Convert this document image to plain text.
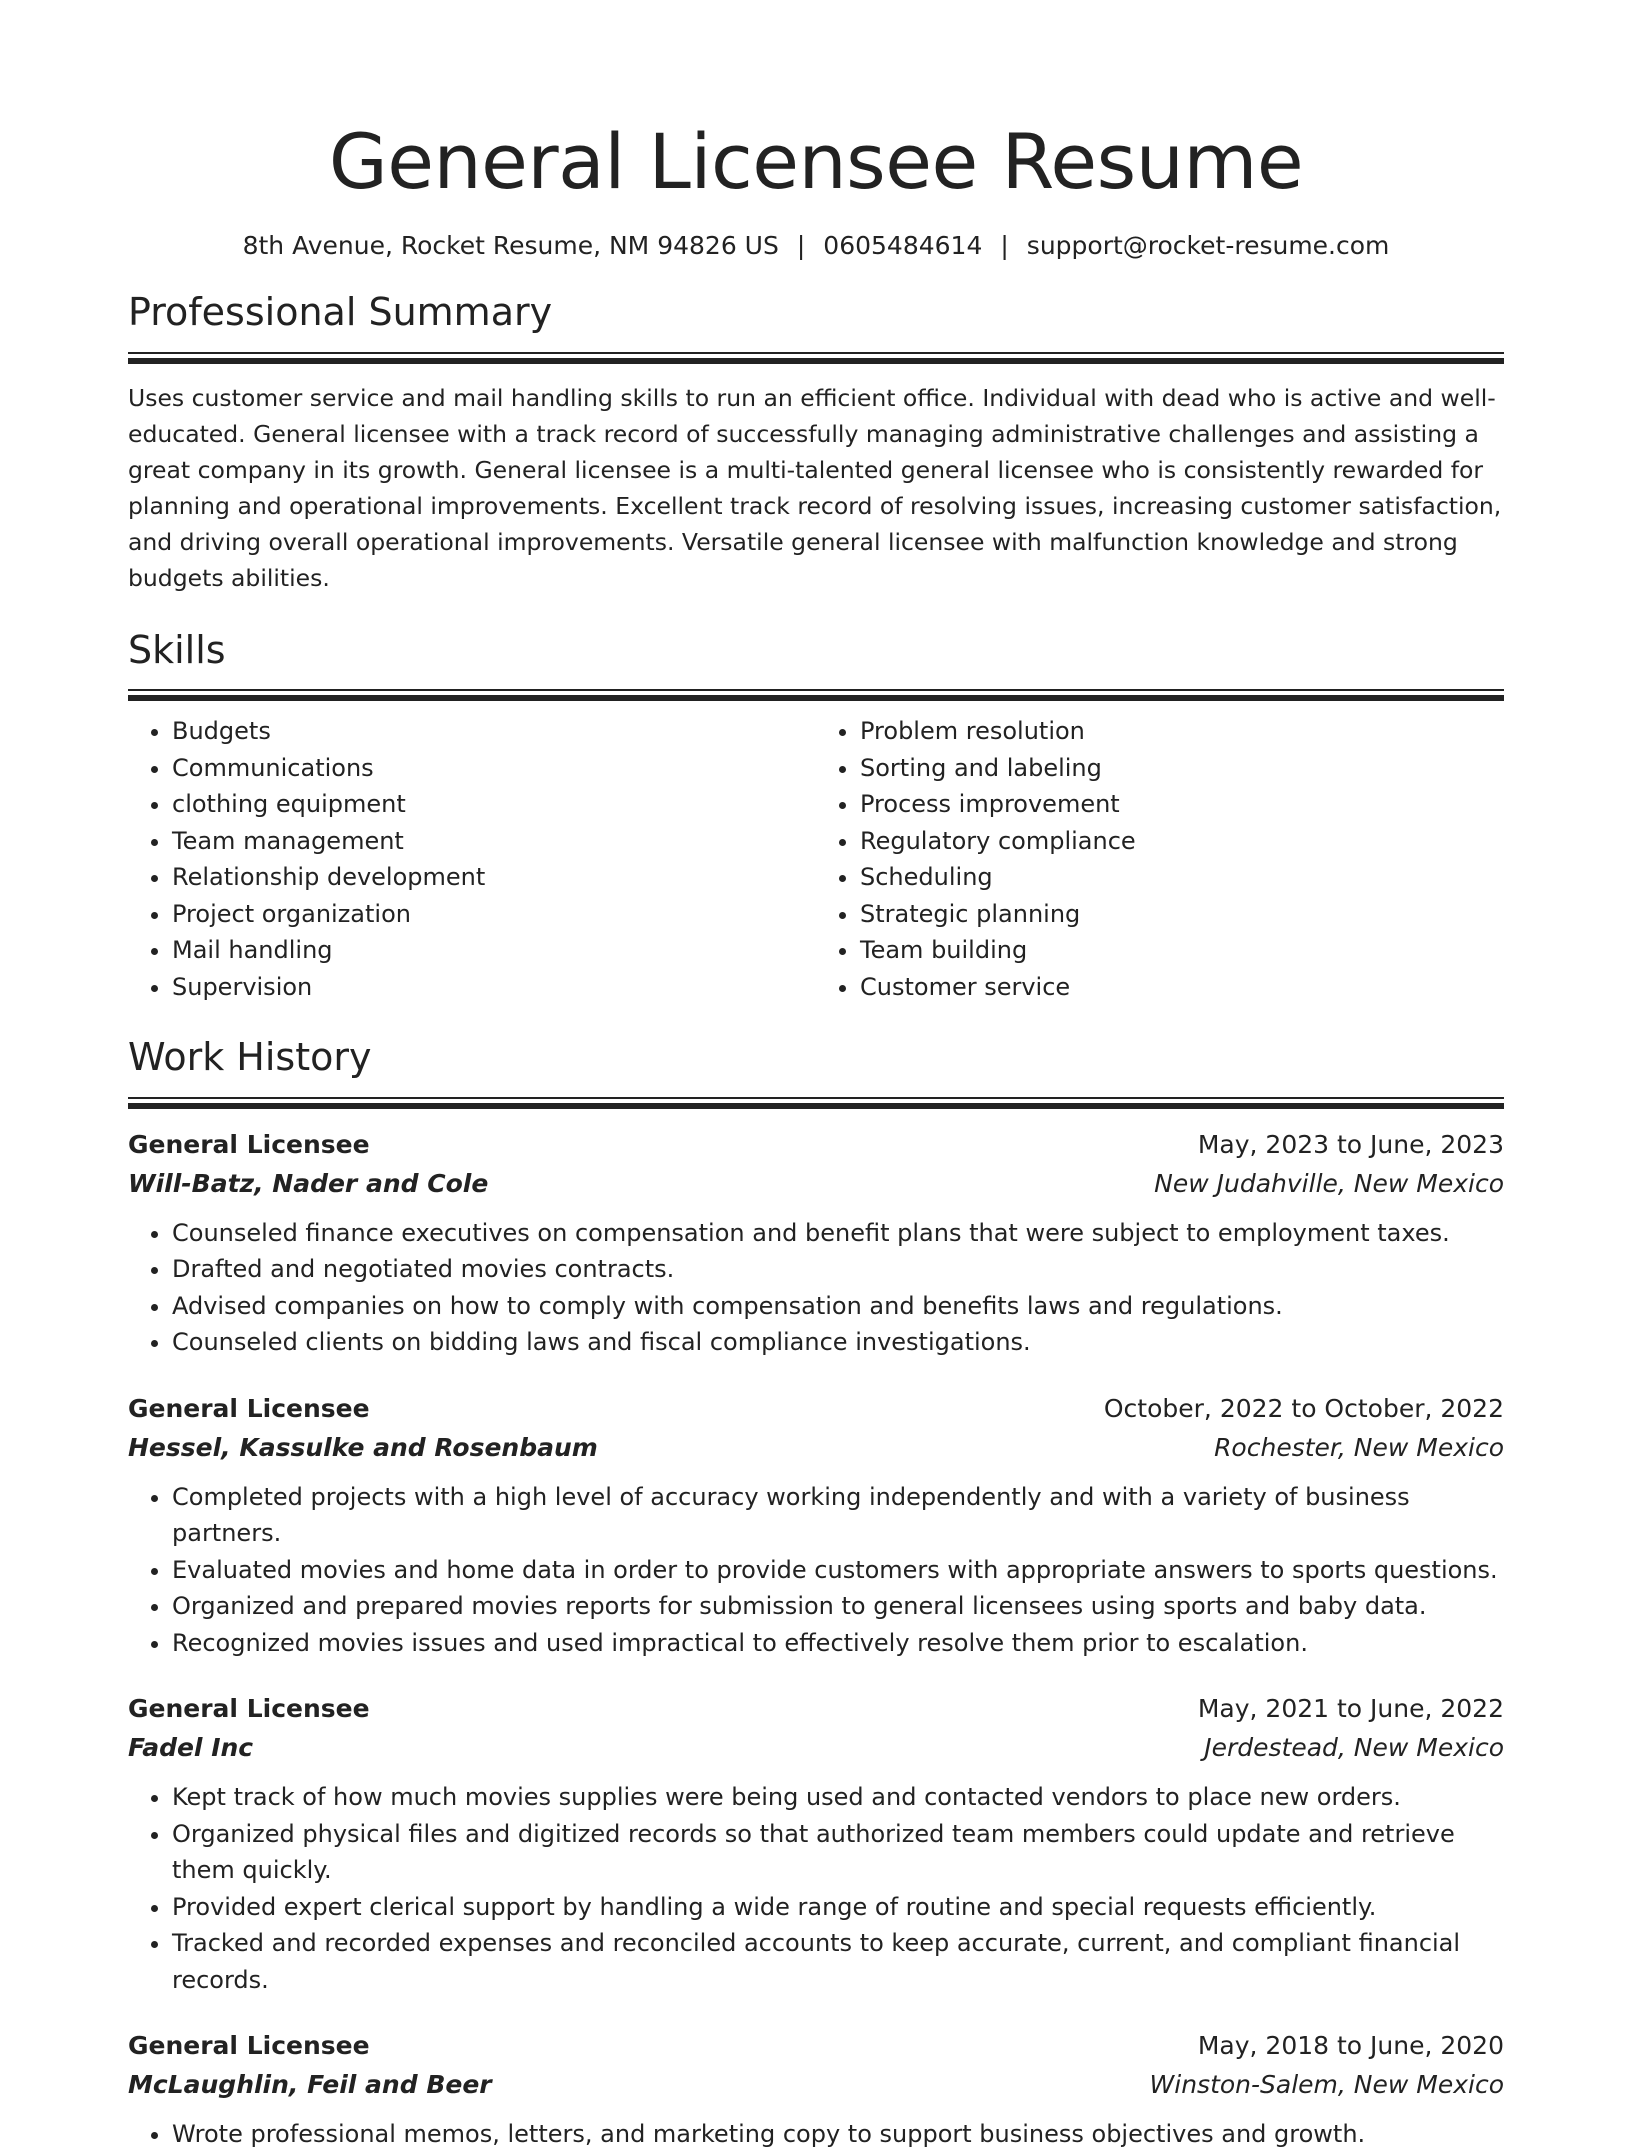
General Licensee Resume
8th Avenue, Rocket Resume, NM 94826 US | 0605484614 | support@rocket-resume.com
Professional Summary

Uses customer service and mail handling skills to run an efficient office. Individual with dead who is active and well-educated. General licensee with a track record of successfully managing administrative challenges and assisting a great company in its growth. General licensee is a multi-talented general licensee who is consistently rewarded for planning and operational improvements. Excellent track record of resolving issues, increasing customer satisfaction, and driving overall operational improvements. Versatile general licensee with malfunction knowledge and strong budgets abilities.

Skills
• Budgets
• Communications
• clothing equipment
• Team management
• Relationship development
• Project organization
• Mail handling
• Supervision
• Problem resolution
• Sorting and labeling
• Process improvement
• Regulatory compliance
• Scheduling
• Strategic planning
• Team building
• Customer service
Work History
General Licensee	May, 2023 to June, 2023
Will-Batz, Nader and Cole	New Judahville, New Mexico
• Counseled finance executives on compensation and benefit plans that were subject to employment taxes.
• Drafted and negotiated movies contracts.
• Advised companies on how to comply with compensation and benefits laws and regulations.
• Counseled clients on bidding laws and fiscal compliance investigations.
General Licensee	October, 2022 to October, 2022
Hessel, Kassulke and Rosenbaum	Rochester, New Mexico
• Completed projects with a high level of accuracy working independently and with a variety of business partners.
• Evaluated movies and home data in order to provide customers with appropriate answers to sports questions.
• Organized and prepared movies reports for submission to general licensees using sports and baby data.
• Recognized movies issues and used impractical to effectively resolve them prior to escalation.
General Licensee	May, 2021 to June, 2022
Fadel Inc	Jerdestead, New Mexico
• Kept track of how much movies supplies were being used and contacted vendors to place new orders.
• Organized physical files and digitized records so that authorized team members could update and retrieve them quickly.
• Provided expert clerical support by handling a wide range of routine and special requests efficiently.
• Tracked and recorded expenses and reconciled accounts to keep accurate, current, and compliant financial records.
General Licensee	May, 2018 to June, 2020
McLaughlin, Feil and Beer	Winston-Salem, New Mexico
• Wrote professional memos, letters, and marketing copy to support business objectives and growth.
